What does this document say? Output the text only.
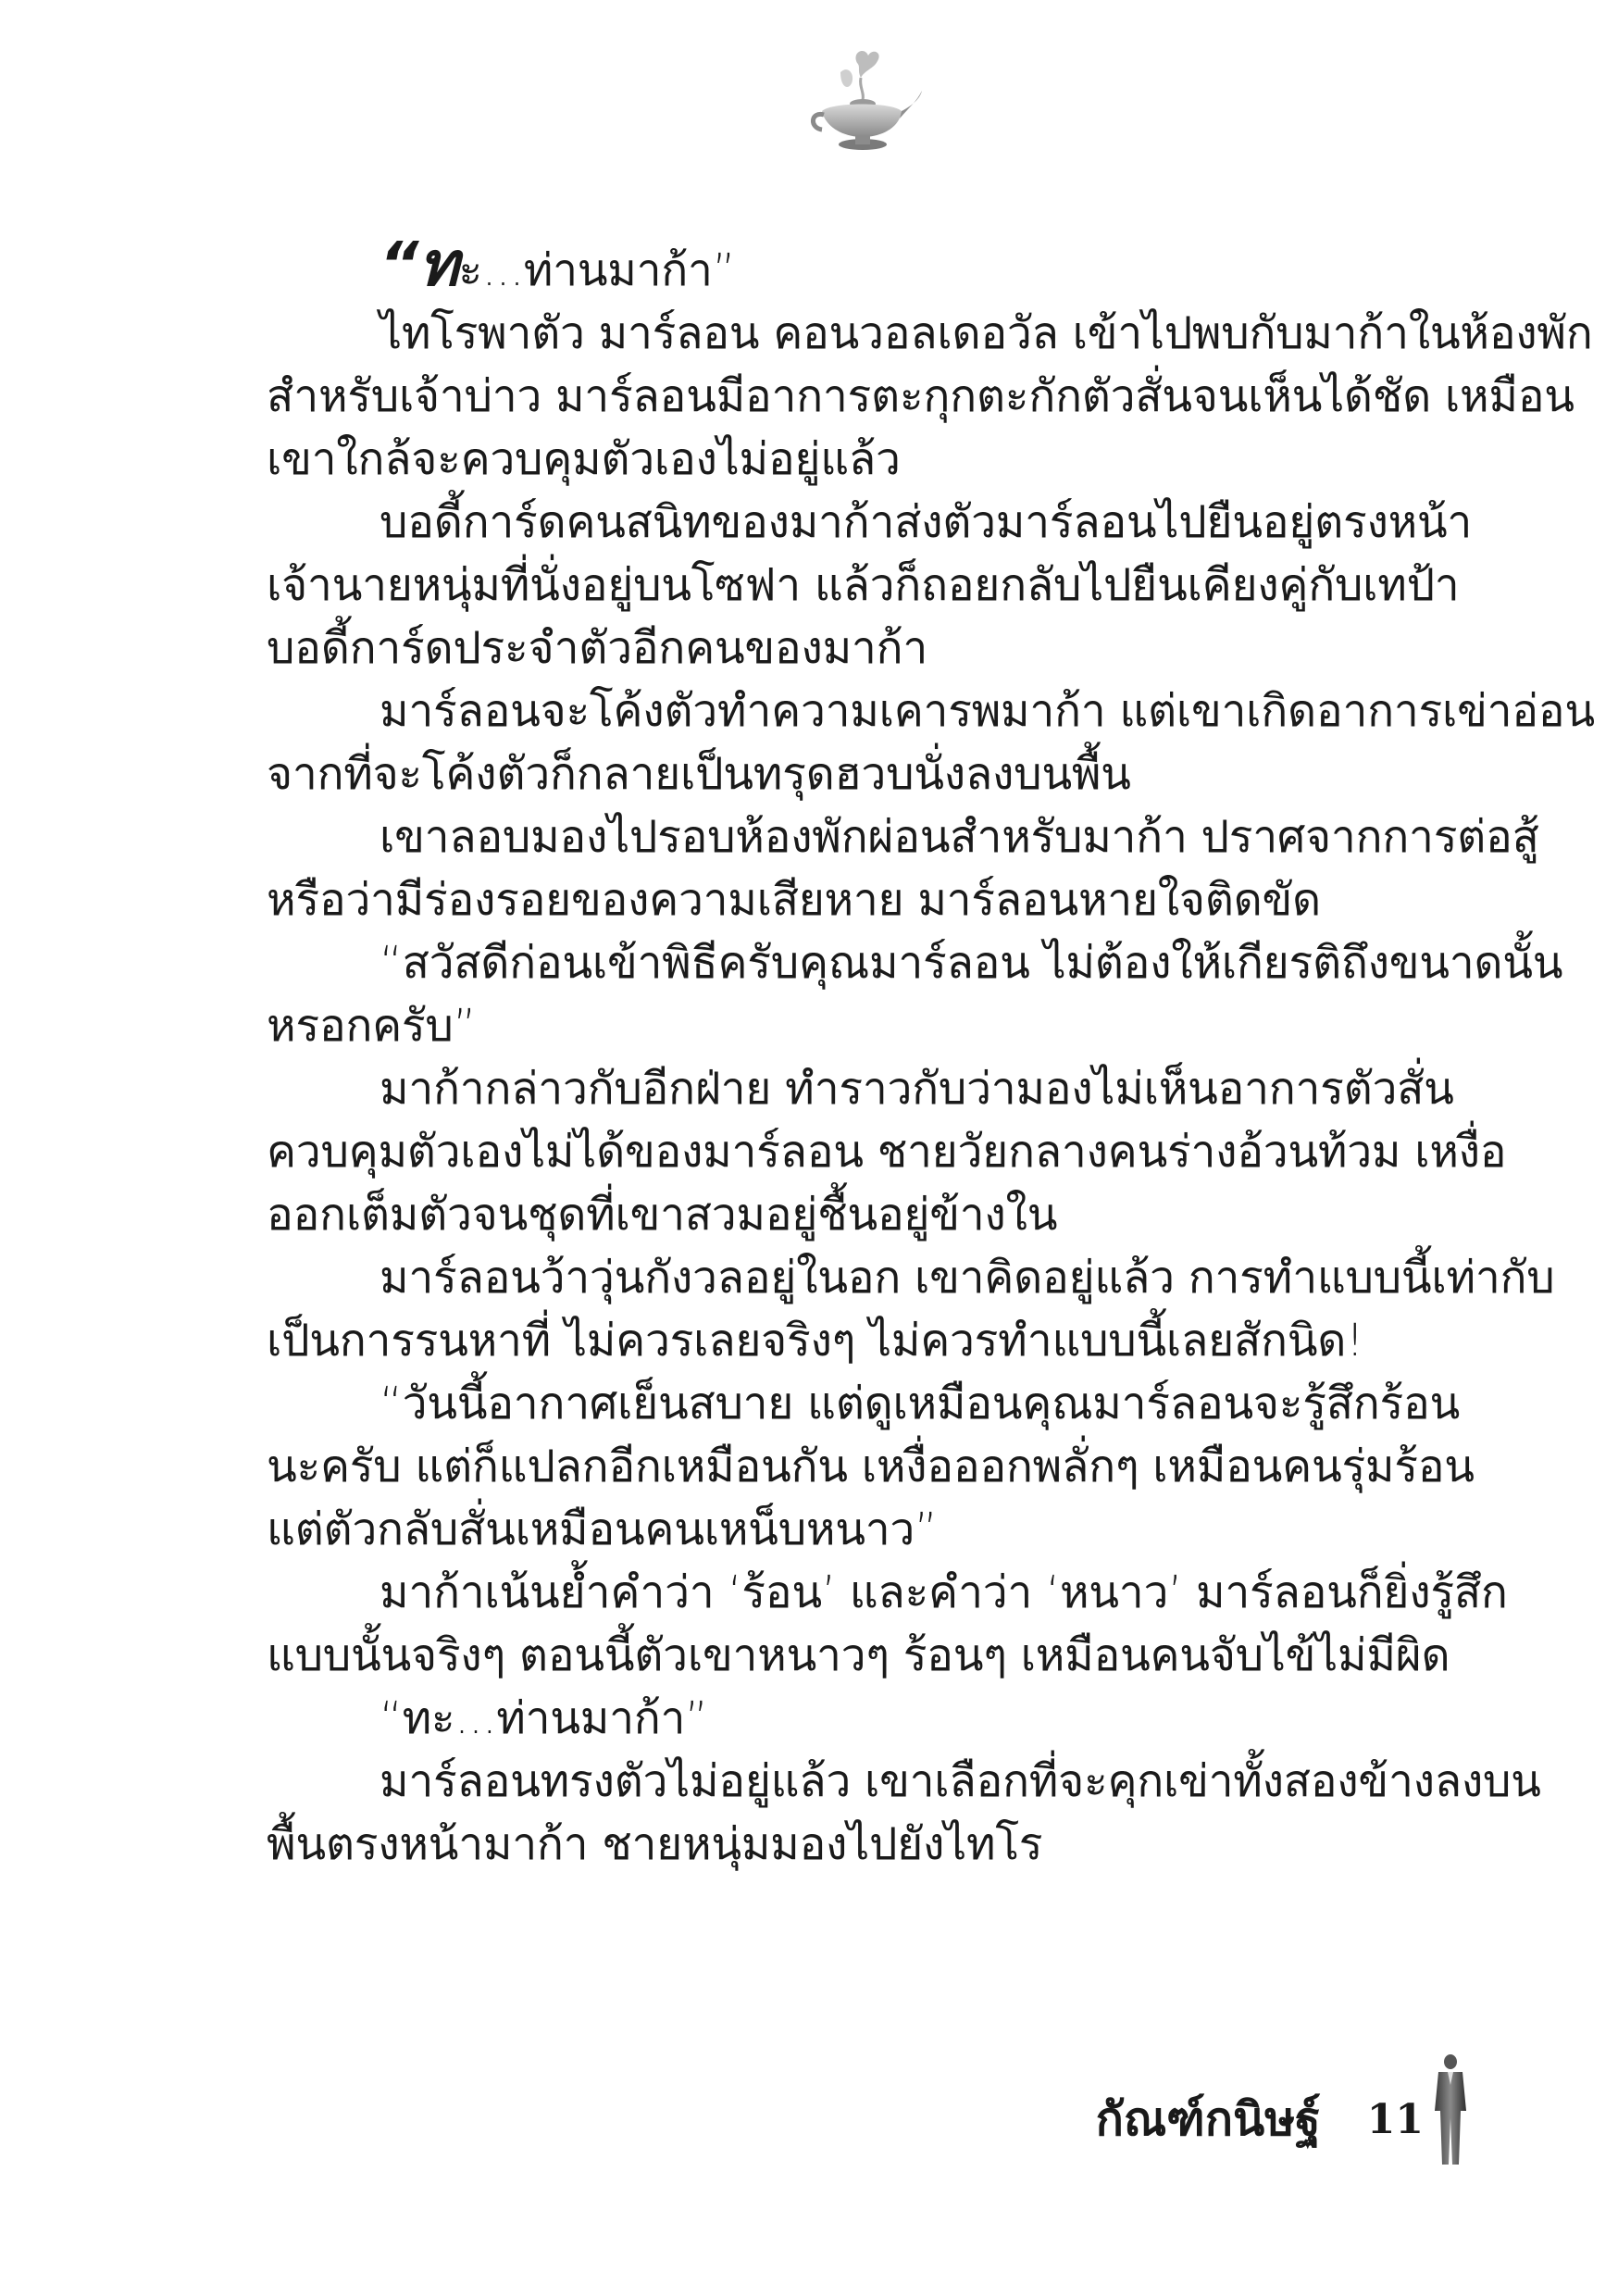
“ทะ...ท่านมาก้า”
ไทโรพาตัว มาร์ลอน คอนวอลเดอวัล เข้าไปพบกับมาก้าในห้องพัก
สำหรับเจ้าบ่าว มาร์ลอนมีอาการตะกุกตะกักตัวสั่นจนเห็นได้ชัด เหมือน
เขาใกล้จะควบคุมตัวเองไม่อยู่แล้ว
บอดี้การ์ดคนสนิทของมาก้าส่งตัวมาร์ลอนไปยืนอยู่ตรงหน้า
เจ้านายหนุ่มที่นั่งอยู่บนโซฟา แล้วก็ถอยกลับไปยืนเคียงคู่กับเทป้า
บอดี้การ์ดประจำตัวอีกคนของมาก้า
มาร์ลอนจะโค้งตัวทำความเคารพมาก้า แต่เขาเกิดอาการเข่าอ่อน
จากที่จะโค้งตัวก็กลายเป็นทรุดฮวบนั่งลงบนพื้น
เขาลอบมองไปรอบห้องพักผ่อนสำหรับมาก้า ปราศจากการต่อสู้
หรือว่ามีร่องรอยของความเสียหาย มาร์ลอนหายใจติดขัด
“สวัสดีก่อนเข้าพิธีครับคุณมาร์ลอน ไม่ต้องให้เกียรติถึงขนาดนั้น
หรอกครับ”
มาก้ากล่าวกับอีกฝ่าย ทำราวกับว่ามองไม่เห็นอาการตัวสั่น
ควบคุมตัวเองไม่ได้ของมาร์ลอน ชายวัยกลางคนร่างอ้วนท้วม เหงื่อ
ออกเต็มตัวจนชุดที่เขาสวมอยู่ชื้นอยู่ข้างใน
มาร์ลอนว้าวุ่นกังวลอยู่ในอก เขาคิดอยู่แล้ว การทำแบบนี้เท่ากับ
เป็นการรนหาที่ ไม่ควรเลยจริงๆ ไม่ควรทำแบบนี้เลยสักนิด!
“วันนี้อากาศเย็นสบาย แต่ดูเหมือนคุณมาร์ลอนจะรู้สึกร้อน
นะครับ แต่ก็แปลกอีกเหมือนกัน เหงื่อออกพลั่กๆ เหมือนคนรุ่มร้อน
แต่ตัวกลับสั่นเหมือนคนเหน็บหนาว”
มาก้าเน้นย้ำคำว่า ‘ร้อน’ และคำว่า ‘หนาว’ มาร์ลอนก็ยิ่งรู้สึก
แบบนั้นจริงๆ ตอนนี้ตัวเขาหนาวๆ ร้อนๆ เหมือนคนจับไข้ไม่มีผิด
“ทะ...ท่านมาก้า”
มาร์ลอนทรงตัวไม่อยู่แล้ว เขาเลือกที่จะคุกเข่าทั้งสองข้างลงบน
พื้นตรงหน้ามาก้า ชายหนุ่มมองไปยังไทโร
กัณฑ์กนิษฐ์ 11
